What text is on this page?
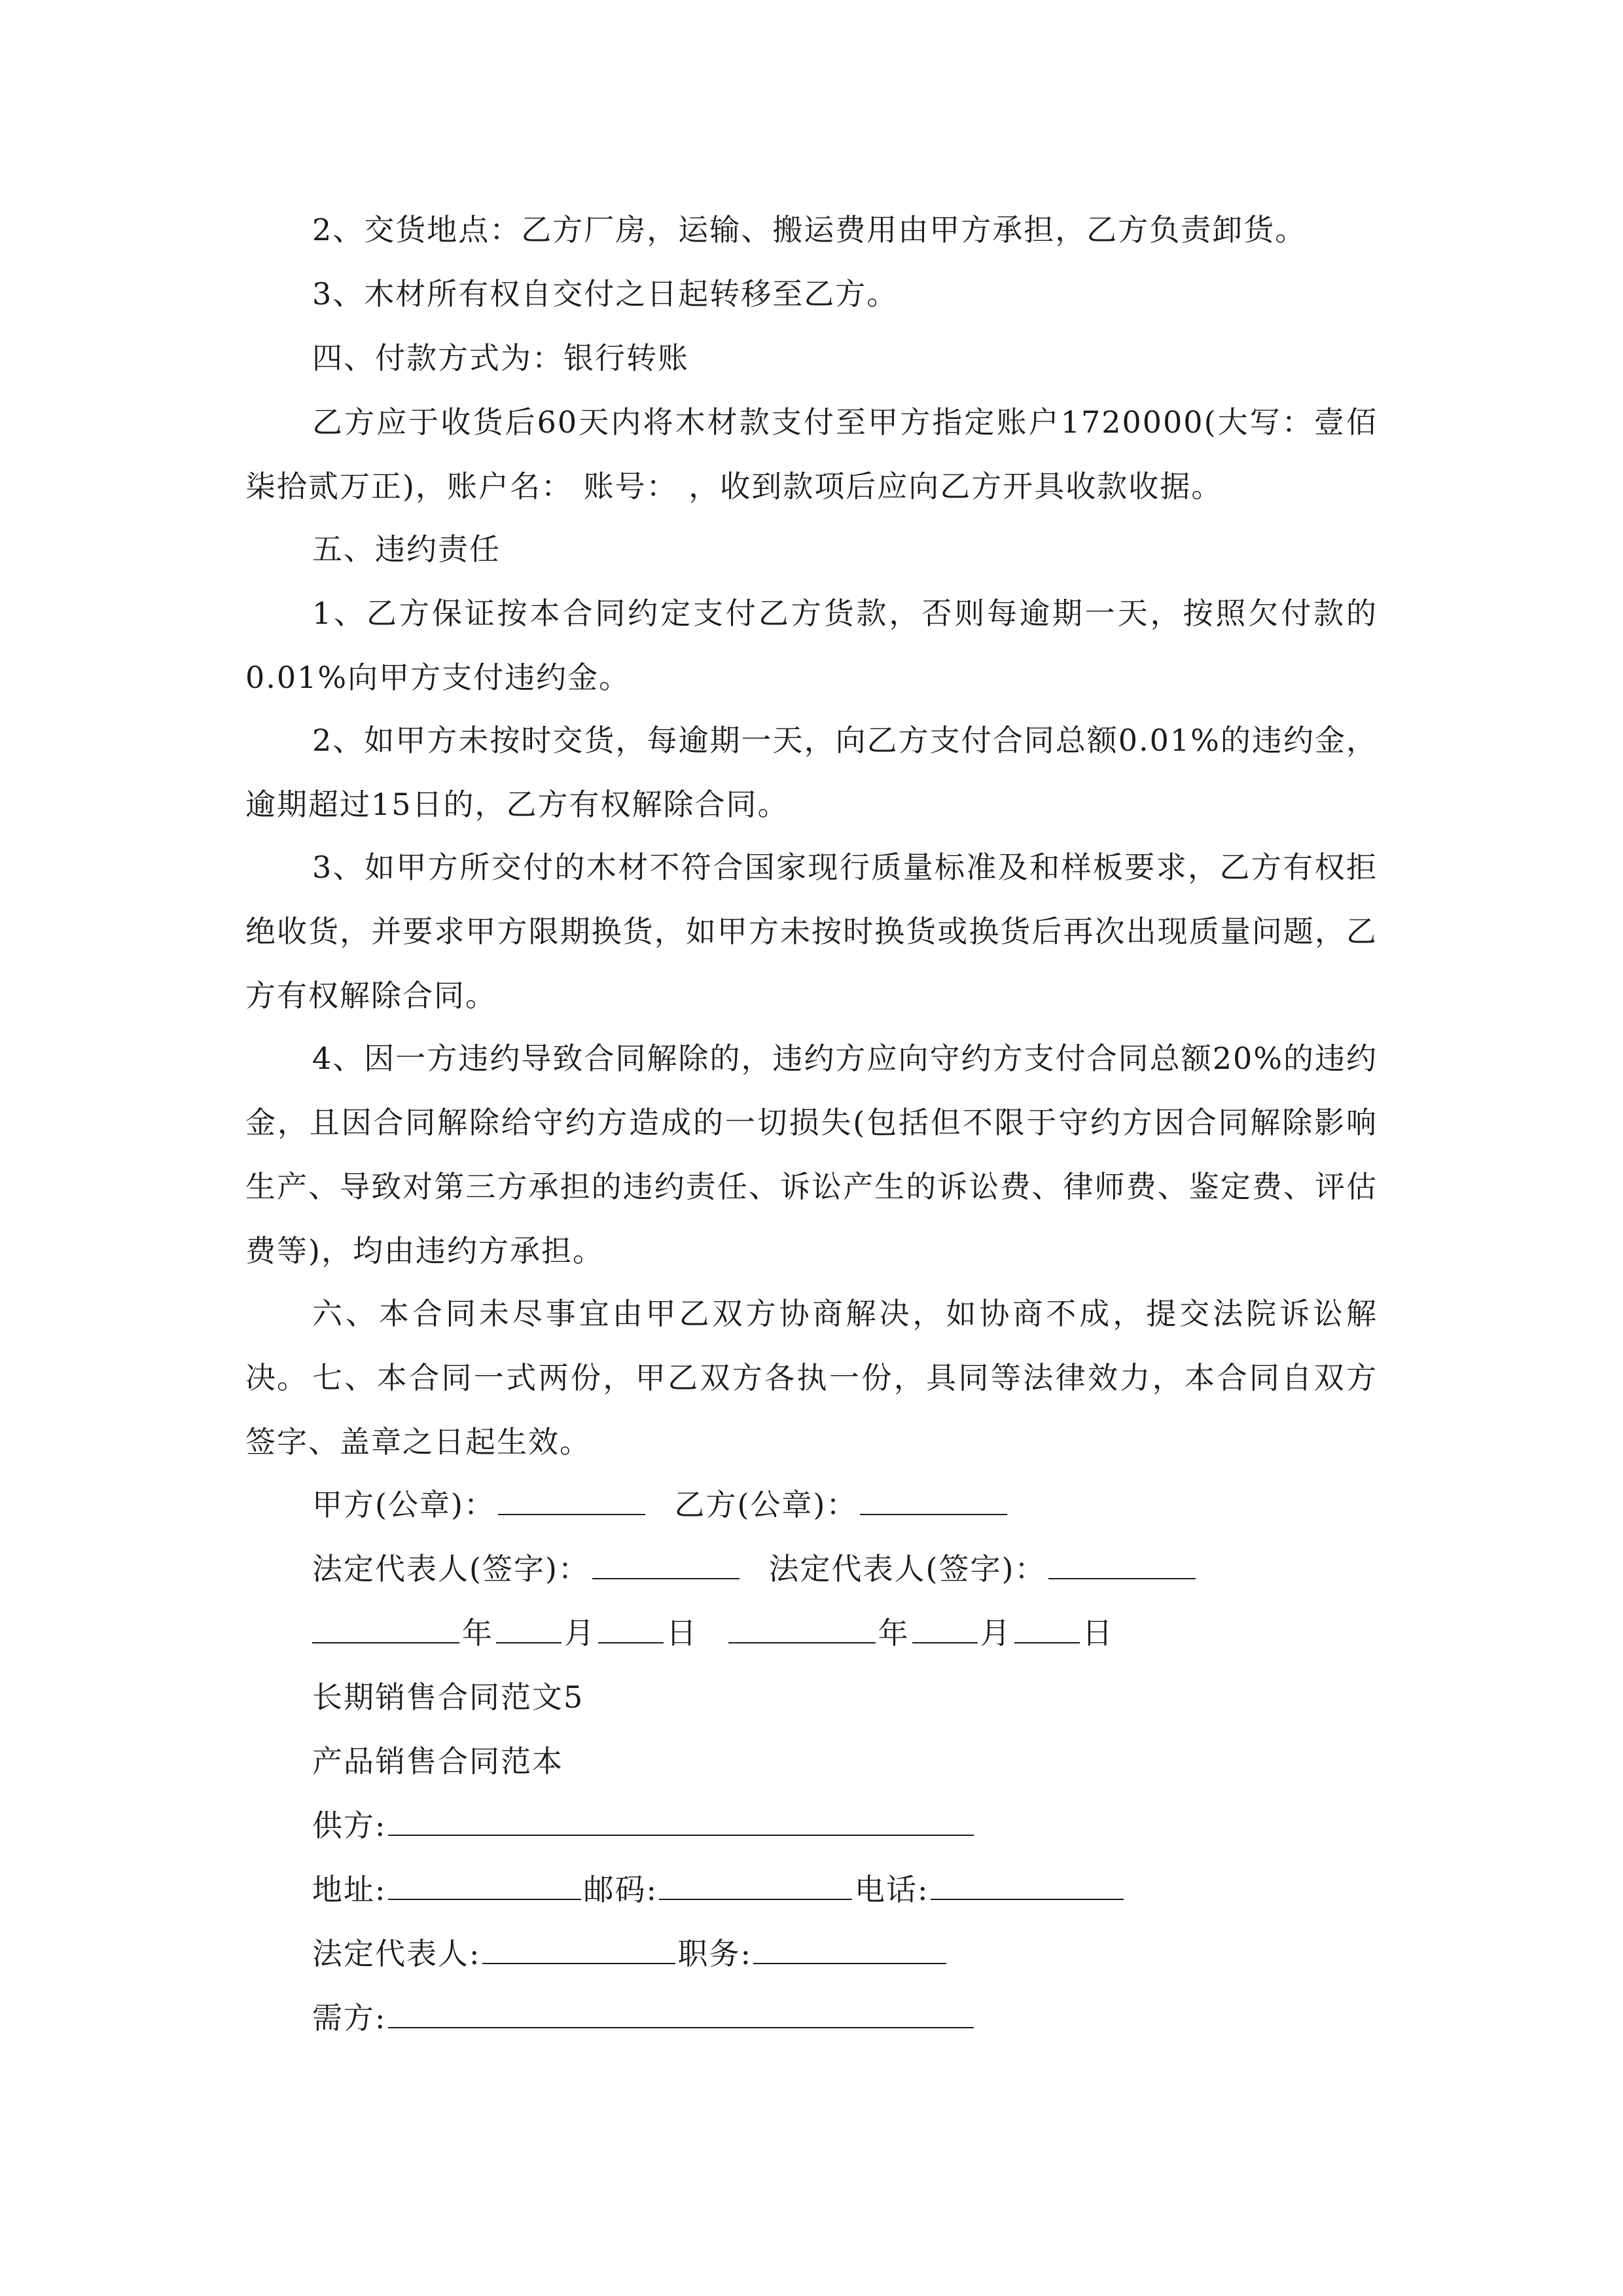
2、交货地点：乙方厂房，运输、搬运费用由甲方承担，乙方负责卸货。

3、木材所有权自交付之日起转移至乙方。

四、付款方式为：银行转账

乙方应于收货后60天内将木材款支付至甲方指定账户1720000(大写：壹佰柒拾贰万正)，账户名： 账号： ，收到款项后应向乙方开具收款收据。

五、违约责任

1、乙方保证按本合同约定支付乙方货款，否则每逾期一天，按照欠付款的0.01%向甲方支付违约金。

2、如甲方未按时交货，每逾期一天，向乙方支付合同总额0.01%的违约金，逾期超过15日的，乙方有权解除合同。

3、如甲方所交付的木材不符合国家现行质量标准及和样板要求，乙方有权拒绝收货，并要求甲方限期换货，如甲方未按时换货或换货后再次出现质量问题，乙方有权解除合同。

4、因一方违约导致合同解除的，违约方应向守约方支付合同总额20%的违约金，且因合同解除给守约方造成的一切损失(包括但不限于守约方因合同解除影响生产、导致对第三方承担的违约责任、诉讼产生的诉讼费、律师费、鉴定费、评估费等)，均由违约方承担。

六、本合同未尽事宜由甲乙双方协商解决，如协商不成，提交法院诉讼解决。 七、本合同一式两份，甲乙双方各执一份，具同等法律效力，本合同自双方签字、盖章之日起生效。

甲方(公章)：	乙方(公章)：
法定代表人(签字)：	法定代表人(签字)：
年 月 日	年 月 日
长期销售合同范文5
产品销售合同范本
供方:
地址:	邮码:	电话:
法定代表人:	职务:
需方:
